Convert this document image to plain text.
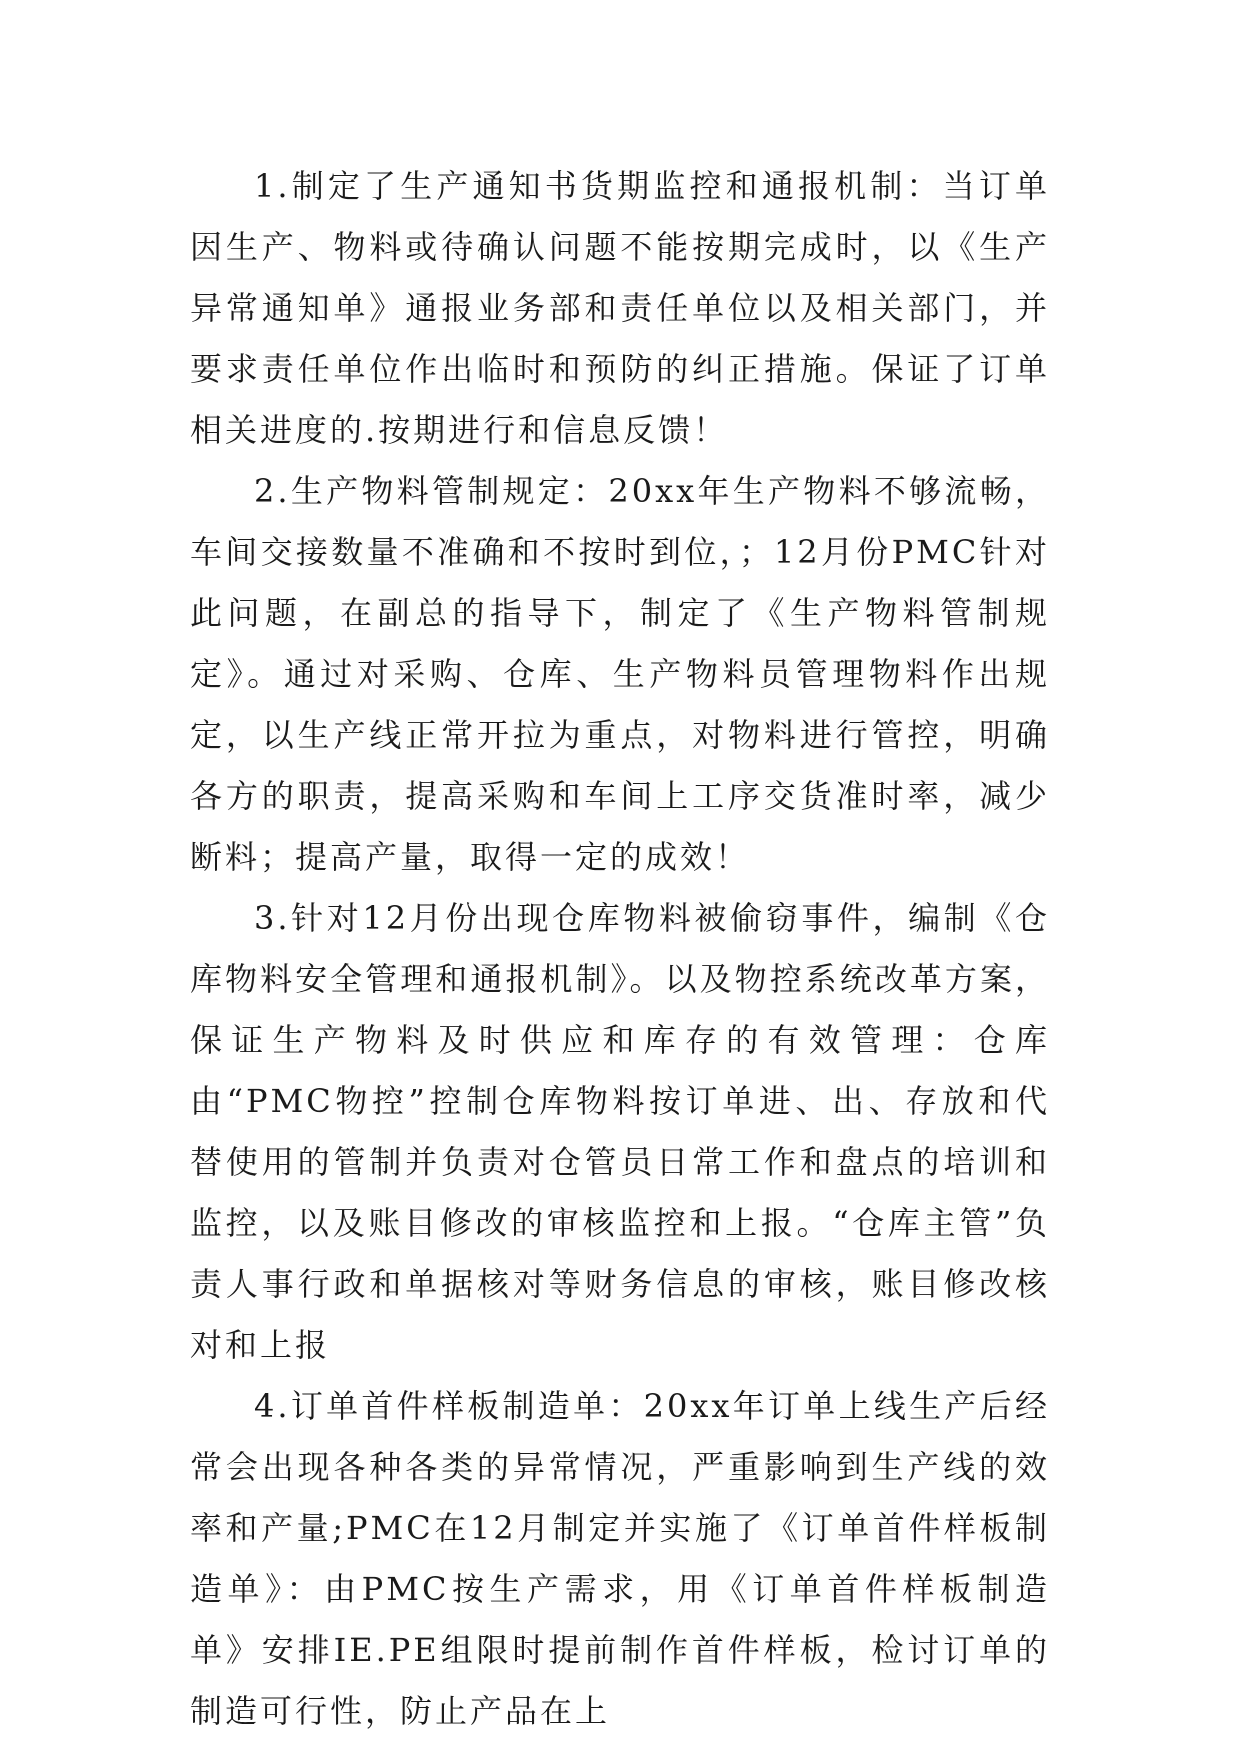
1.制定了生产通知书货期监控和通报机制：当订单因生产、物料或待确认问题不能按期完成时，以《生产异常通知单》通报业务部和责任单位以及相关部门，并要求责任单位作出临时和预防的纠正措施。保证了订单相关进度的.按期进行和信息反馈！

2.生产物料管制规定：20xx年生产物料不够流畅，车间交接数量不准确和不按时到位，；12月份PMC针对此问题，在副总的指导下，制定了《生产物料管制规定》。通过对采购、仓库、生产物料员管理物料作出规定，以生产线正常开拉为重点，对物料进行管控，明确各方的职责，提高采购和车间上工序交货准时率，减少断料；提高产量，取得一定的成效！

3.针对12月份出现仓库物料被偷窃事件，编制《仓库物料安全管理和通报机制》。以及物控系统改革方案，保证生产物料及时供应和库存的有效管理：仓库由“PMC物控”控制仓库物料按订单进、出、存放和代替使用的管制并负责对仓管员日常工作和盘点的培训和监控，以及账目修改的审核监控和上报。“仓库主管”负责人事行政和单据核对等财务信息的审核，账目修改核对和上报

4.订单首件样板制造单：20xx年订单上线生产后经常会出现各种各类的异常情况，严重影响到生产线的效率和产量;PMC在12月制定并实施了《订单首件样板制造单》：由PMC按生产需求，用《订单首件样板制造单》安排IE.PE组限时提前制作首件样板，检讨订单的制造可行性，防止产品在上
